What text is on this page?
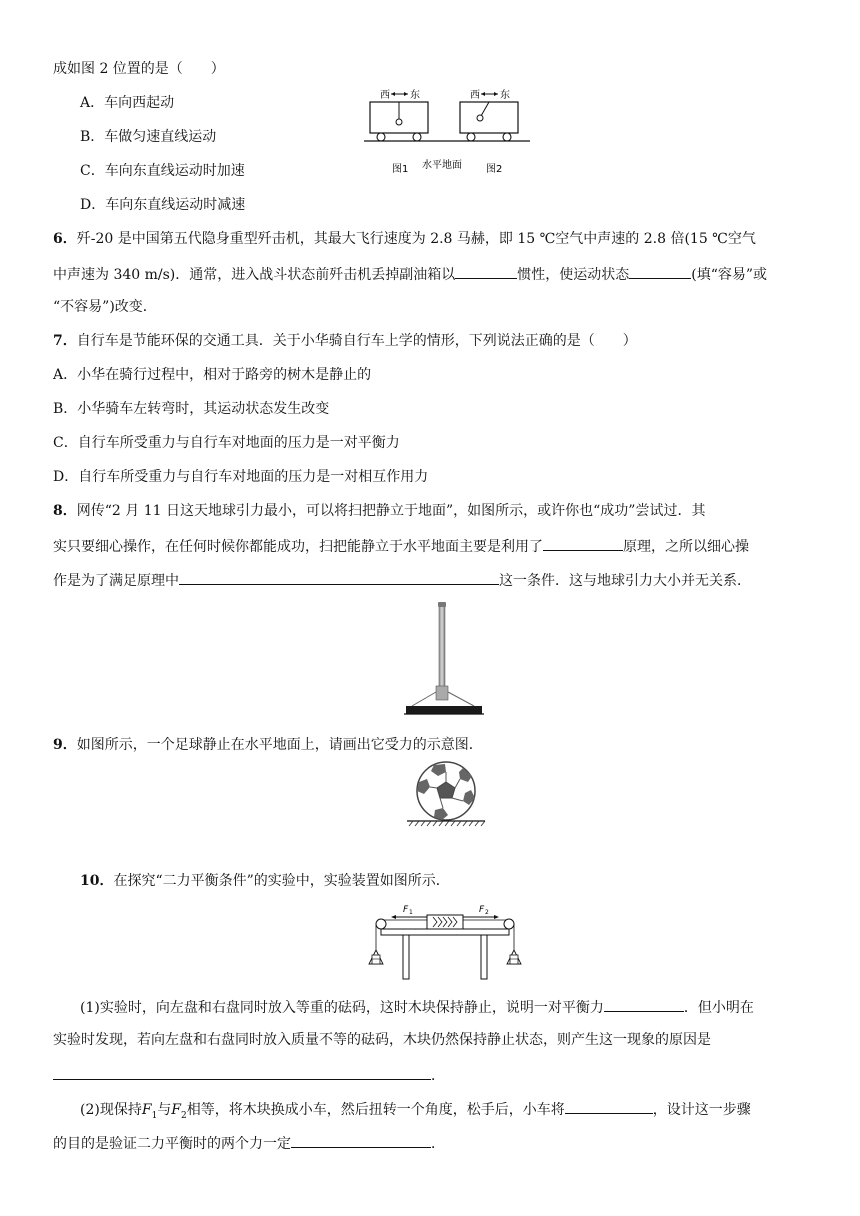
成如图 2 位置的是（　　）
A．车向西起动
B．车做匀速直线运动
C．车向东直线运动时加速
D．车向东直线运动时减速
西 东	西 东
图1 水平地面 图2
6．歼-20 是中国第五代隐身重型歼击机，其最大飞行速度为 2.8 马赫，即 15 ℃空气中声速的 2.8 倍(15 ℃空气
中声速为 340 m/s)．通常，进入战斗状态前歼击机丢掉副油箱以	惯性，使运动状态	(填“容易”或
“不容易”)改变．
7．自行车是节能环保的交通工具．关于小华骑自行车上学的情形，下列说法正确的是（　　）
A．小华在骑行过程中，相对于路旁的树木是静止的
B．小华骑车左转弯时，其运动状态发生改变
C．自行车所受重力与自行车对地面的压力是一对平衡力
D．自行车所受重力与自行车对地面的压力是一对相互作用力
8．网传“2 月 11 日这天地球引力最小，可以将扫把静立于地面”，如图所示，或许你也“成功”尝试过．其
实只要细心操作，在任何时候你都能成功，扫把能静立于水平地面主要是利用了	原理，之所以细心操
作是为了满足原理中	这一条件．这与地球引力大小并无关系．
9．如图所示，一个足球静止在水平地面上，请画出它受力的示意图．
10．在探究“二力平衡条件”的实验中，实验装置如图所示．
F 1	F 2
(1)实验时，向左盘和右盘同时放入等重的砝码，这时木块保持静止，说明一对平衡力	．但小明在
实验时发现，若向左盘和右盘同时放入质量不等的砝码，木块仍然保持静止状态，则产生这一现象的原因是
．
(2)现保持$F_1$与$F_2$相等，将木块换成小车，然后扭转一个角度，松手后，小车将	，设计这一步骤
的目的是验证二力平衡时的两个力一定	．
